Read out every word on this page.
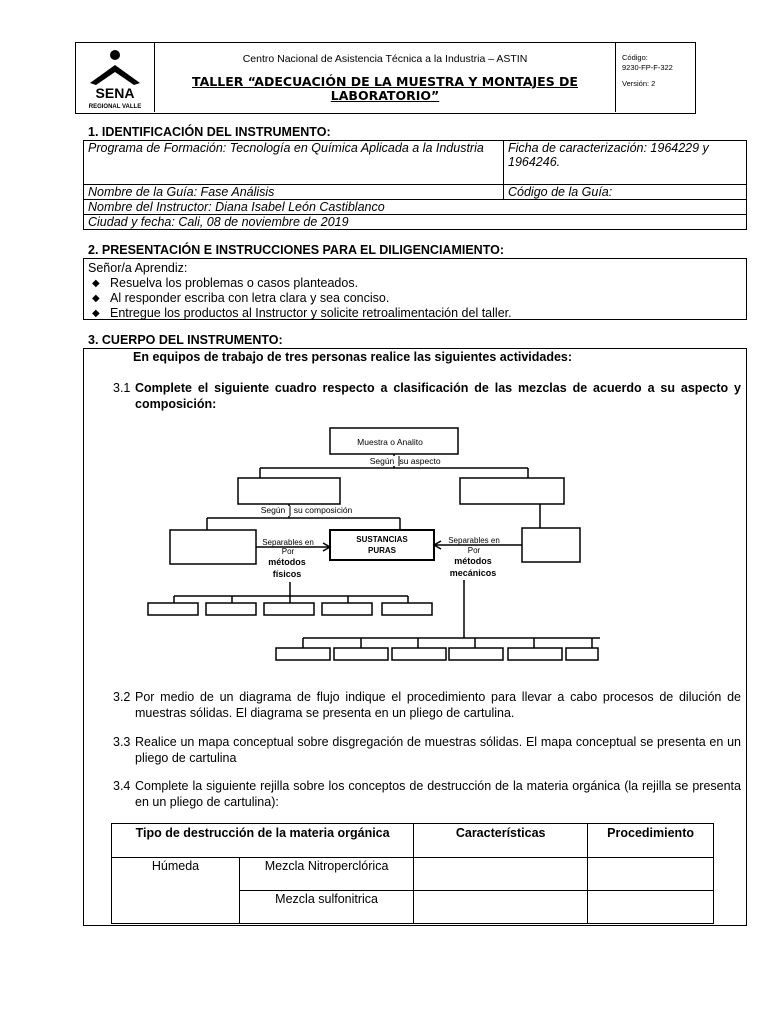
SENA
REGIONAL VALLE
Centro Nacional de Asistencia Técnica a la Industria – ASTIN
TALLER “ADECUACIÓN DE LA MUESTRA Y MONTAJES DE LABORATORIO”
Código:
9230-FP-F-322
Versión: 2
1. IDENTIFICACIÓN DEL INSTRUMENTO:
Programa de Formación: Tecnología en Química Aplicada a la Industria	Ficha de caracterización: 1964229 y 1964246.
Nombre de la Guía: Fase Análisis	Código de la Guía:
Nombre del Instructor: Diana Isabel León Castiblanco	
Ciudad y fecha: Cali, 08 de noviembre de 2019	
2. PRESENTACIÓN E INSTRUCCIONES PARA EL DILIGENCIAMIENTO:
Señor/a Aprendiz:
◆ Resuelva los problemas o casos planteados.
◆ Al responder escriba con letra clara y sea conciso.
◆ Entregue los productos al Instructor y solicite retroalimentación del taller.
3. CUERPO DEL INSTRUMENTO:
En equipos de trabajo de tres personas realice las siguientes actividades:
3.1 Complete el siguiente cuadro respecto a clasificación de las mezclas de acuerdo a su aspecto y composición:
Muestra o Analito
Según su aspecto
Según su composición
SUSTANCIAS
PURAS
Separables en
Por
métodos
físicos
Separables en
Por
métodos
mecánicos
3.2 Por medio de un diagrama de flujo indique el procedimiento para llevar a cabo procesos de dilución de muestras sólidas. El diagrama se presenta en un pliego de cartulina.
3.3 Realice un mapa conceptual sobre disgregación de muestras sólidas. El mapa conceptual se presenta en un pliego de cartulina
3.4 Complete la siguiente rejilla sobre los conceptos de destrucción de la materia orgánica (la rejilla se presenta en un pliego de cartulina):
Tipo de destrucción de la materia orgánica		Características	Procedimiento
Húmeda	Mezcla Nitroperclórica		
	Mezcla sulfonitrica		
